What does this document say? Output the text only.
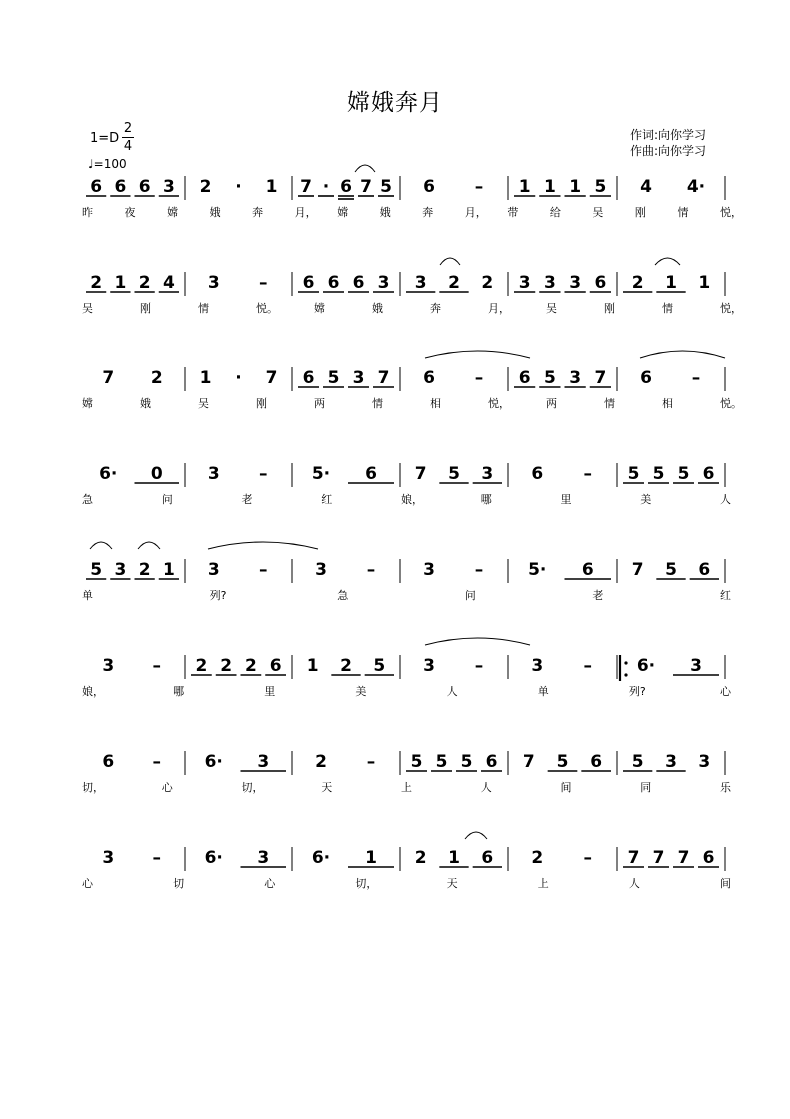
嫦娥奔月
1=D
2
4
♩=100
作词:向你学习
作曲:向你学习
6 6 6 3 2 · 1 7 · 6 7 5 6 – 1 1 1 5 4 4·
昨	夜	嫦	娥	奔	月， 嫦	娥	奔	月， 带	给	吴	刚	情	悦，
2 1 2 4 3 – 6 6 6 3 3 2 2 3 3 3 6 2 1 1
吴	刚	情	悦。	嫦	娥	奔	月，	吴	刚	情	悦，
7 2 1 · 7 6 5 3 7 6 – 6 5 3 7 6 –
嫦	娥	吴	刚	两	情	相	悦，	两	情	相	悦。
6· 0	3 –	5· 6 7 5 3 6 – 5 5 5 6
急	问	老	红	娘，	哪	里	美	人
5 3 2 1 3 –	3 –	3 –	5· 6 7 5 6
单	列?	急	问	老	红
3 – 2 2 2 6 1 2 5 3 –	3 –	6· 3
娘，	哪	里	美	人	单	列?	心
6 –	6· 3	2 – 5 5 5 6 7 5 6 5 3 3
切，	心	切，	天	上	人	间	同	乐
3 –	6· 3	6· 1 2 1 6 2 – 7 7 7 6
心	切	心	切，	天	上	人	间
